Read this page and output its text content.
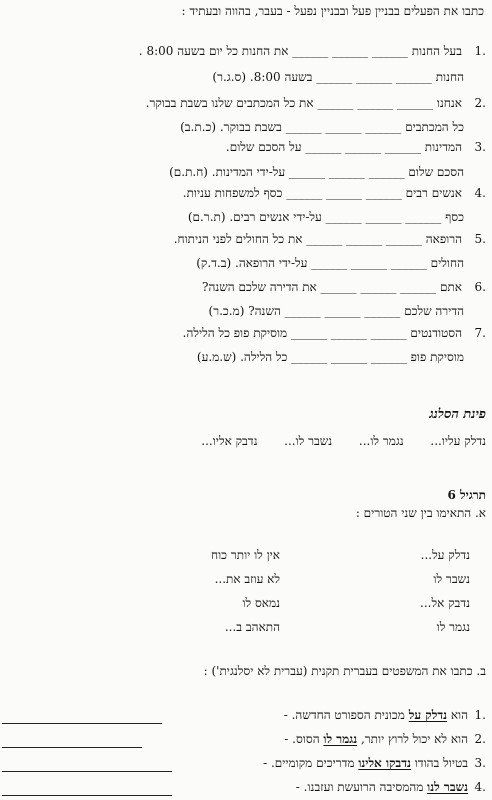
כתבו את הפעלים בבניין פעל ובבניין נפעל - בעבר, בהווה ובעתיד :
1.
בעל החנות ______ ______ ______ את החנות כל יום בשעה 8:00 .
החנות ______ ______ ______ בשעה 8:00. (ס.ג.ר)
2.
אנחנו ______ ______ ______ את כל המכתבים שלנו בשבת בבוקר.
כל המכתבים ______ ______ ______ בשבת בבוקר. (כ.ת.ב)
3.
המדינות ______ ______ ______ על הסכם שלום.
הסכם שלום ______ ______ ______ על-ידי המדינות. (ח.ת.ם)
4.
אנשים רבים ______ ______ ______ כסף למשפחות עניות.
כסף ______ ______ ______ על-ידי אנשים רבים. (ת.ר.ם)
5.
הרופאה ______ ______ ______ את כל החולים לפני הניתוח.
החולים ______ ______ ______ על-ידי הרופאה. (ב.ד.ק)
6.
אתם ______ ______ ______ את הדירה שלכם השנה?
הדירה שלכם ______ ______ ______ השנה? (מ.כ.ר)
7.
הסטודנטים ______ ______ ______ מוסיקת פופ כל הלילה.
מוסיקת פופ ______ ______ ______ כל הלילה. (ש.מ.ע)
פינת הסלנג
נדלק עליו...       נגמר לו...       נשבר לו...       נדבק אליו...
תרגיל 6
א. התאימו בין שני הטורים :
נדלק על...
אין לו יותר כוח
נשבר לו
לא עוזב את...
נדבק אל...
נמאס לו
נגמר לו
התאהב ב...
ב. כתבו את המשפטים בעברית תקנית (עברית לא יסלנגית') :
1.
הוא נדלק על מכונית הספורט החדשה. -
2.
הוא לא יכול לרוץ יותר, נגמר לו הסוס. -
3.
בטיול בהודו נדבקו אלינו מדריכים מקומיים. -
4.
נשבר לנו מהמסיבה הרועשת ועזבנו. -
